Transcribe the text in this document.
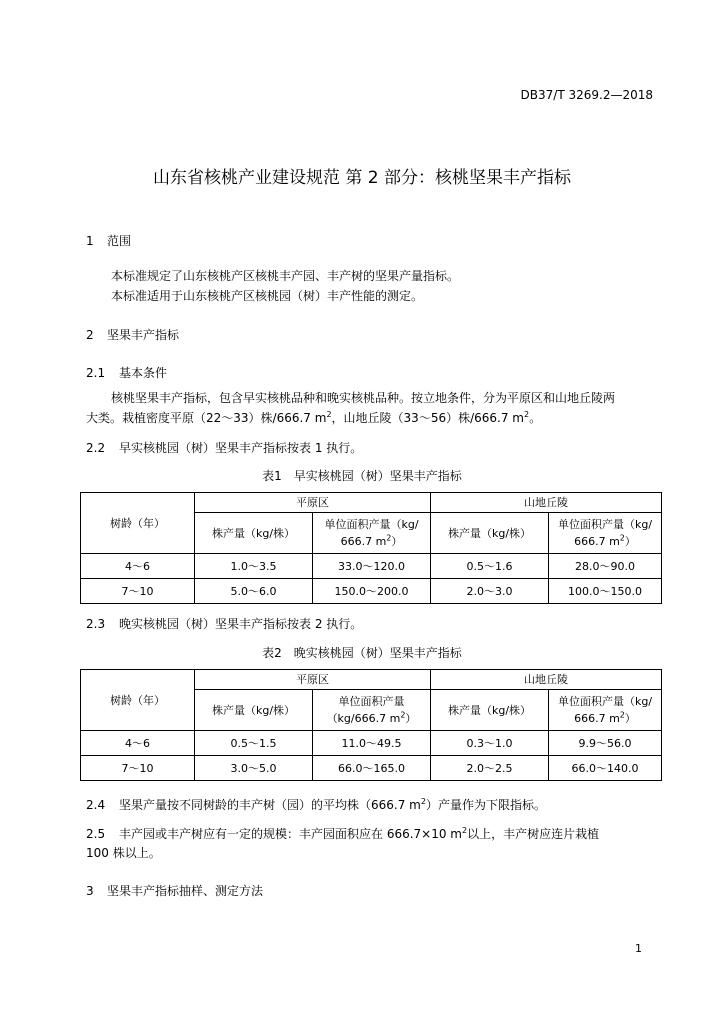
DB37/T 3269.2—2018
山东省核桃产业建设规范 第 2 部分：核桃坚果丰产指标
1 范围
本标准规定了山东核桃产区核桃丰产园、丰产树的坚果产量指标。
本标准适用于山东核桃产区核桃园（树）丰产性能的测定。
2 坚果丰产指标
2.1 基本条件
核桃坚果丰产指标，包含早实核桃品种和晚实核桃品种。按立地条件，分为平原区和山地丘陵两
大类。栽植密度平原（22～33）株/666.7 $m^2$，山地丘陵（33～56）株/666.7 $m^2$。
2.2 早实核桃园（树）坚果丰产指标按表 1 执行。
表1　早实核桃园（树）坚果丰产指标
树龄（年）	平原区		山地丘陵	
	株产量（kg/株）	单位面积产量（kg/
666.7 $m^2$）	株产量（kg/株）	单位面积产量（kg/
666.7 $m^2$）
4～6	1.0～3.5	33.0～120.0	0.5～1.6	28.0～90.0
7～10	5.0～6.0	150.0～200.0	2.0～3.0	100.0～150.0
2.3 晚实核桃园（树）坚果丰产指标按表 2 执行。
表2　晚实核桃园（树）坚果丰产指标
树龄（年）	平原区		山地丘陵	
	株产量（kg/株）	单位面积产量
（kg/666.7 $m^2$）	株产量（kg/株）	单位面积产量（kg/
666.7 $m^2$）
4～6	0.5～1.5	11.0～49.5	0.3～1.0	9.9～56.0
7～10	3.0～5.0	66.0～165.0	2.0～2.5	66.0～140.0
2.4 坚果产量按不同树龄的丰产树（园）的平均株（666.7 $m^2$）产量作为下限指标。
2.5 丰产园或丰产树应有一定的规模：丰产园面积应在 666.7×10 $m^2$以上，丰产树应连片栽植
100 株以上。
3 坚果丰产指标抽样、测定方法
1
